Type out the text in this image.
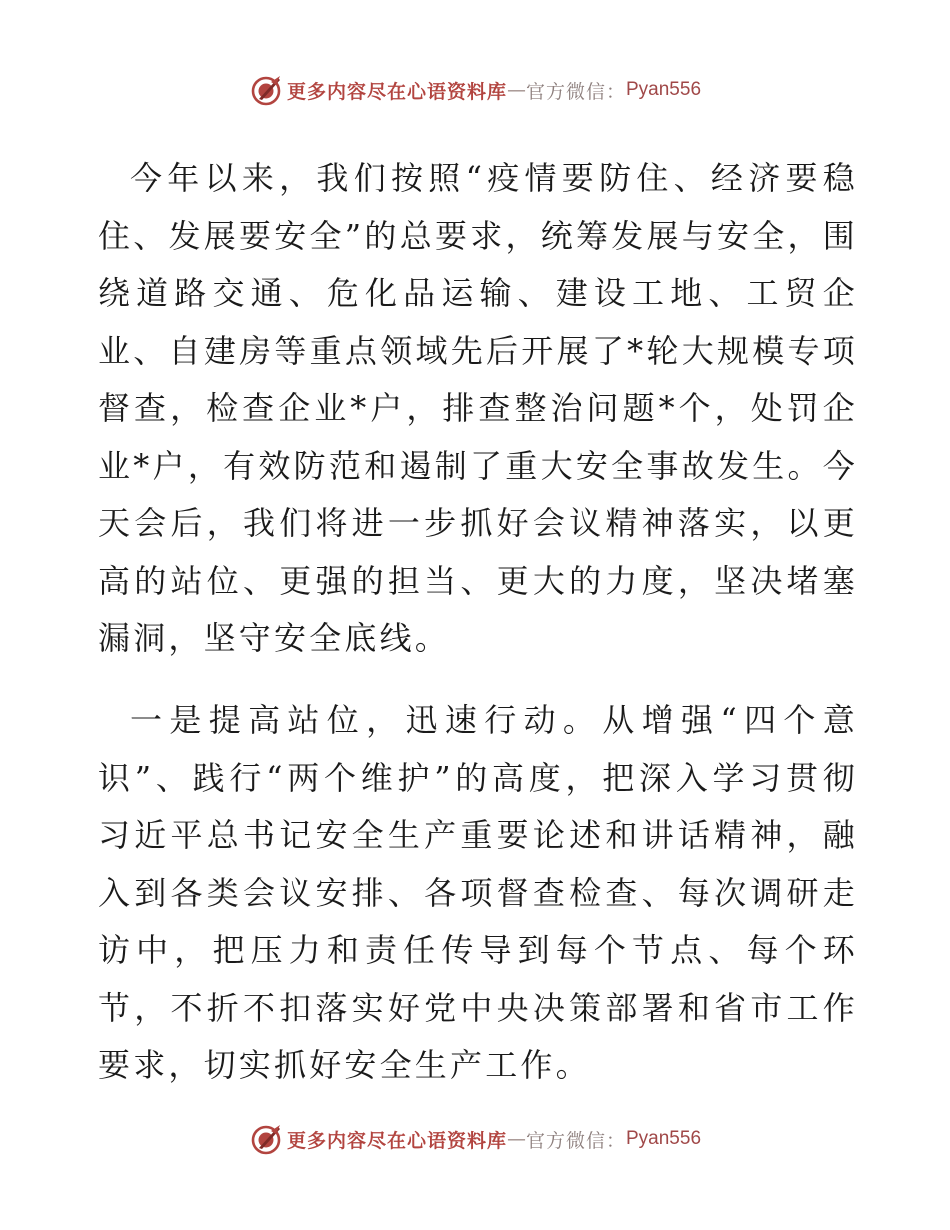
更多内容尽在心语资料库 — 官方微信： Pyan556

今年以来，我们按照“疫情要防住、经济要稳住、发展要安全”的总要求，统筹发展与安全，围绕道路交通、危化品运输、建设工地、工贸企业、自建房等重点领域先后开展了*轮大规模专项督查，检查企业*户，排查整治问题*个，处罚企业*户，有效防范和遏制了重大安全事故发生。今天会后，我们将进一步抓好会议精神落实，以更高的站位、更强的担当、更大的力度，坚决堵塞漏洞，坚守安全底线。

一是提高站位，迅速行动。从增强“四个意识”、践行“两个维护”的高度，把深入学习贯彻习近平总书记安全生产重要论述和讲话精神，融入到各类会议安排、各项督查检查、每次调研走访中，把压力和责任传导到每个节点、每个环节，不折不扣落实好党中央决策部署和省市工作要求，切实抓好安全生产工作。

更多内容尽在心语资料库 — 官方微信： Pyan556
